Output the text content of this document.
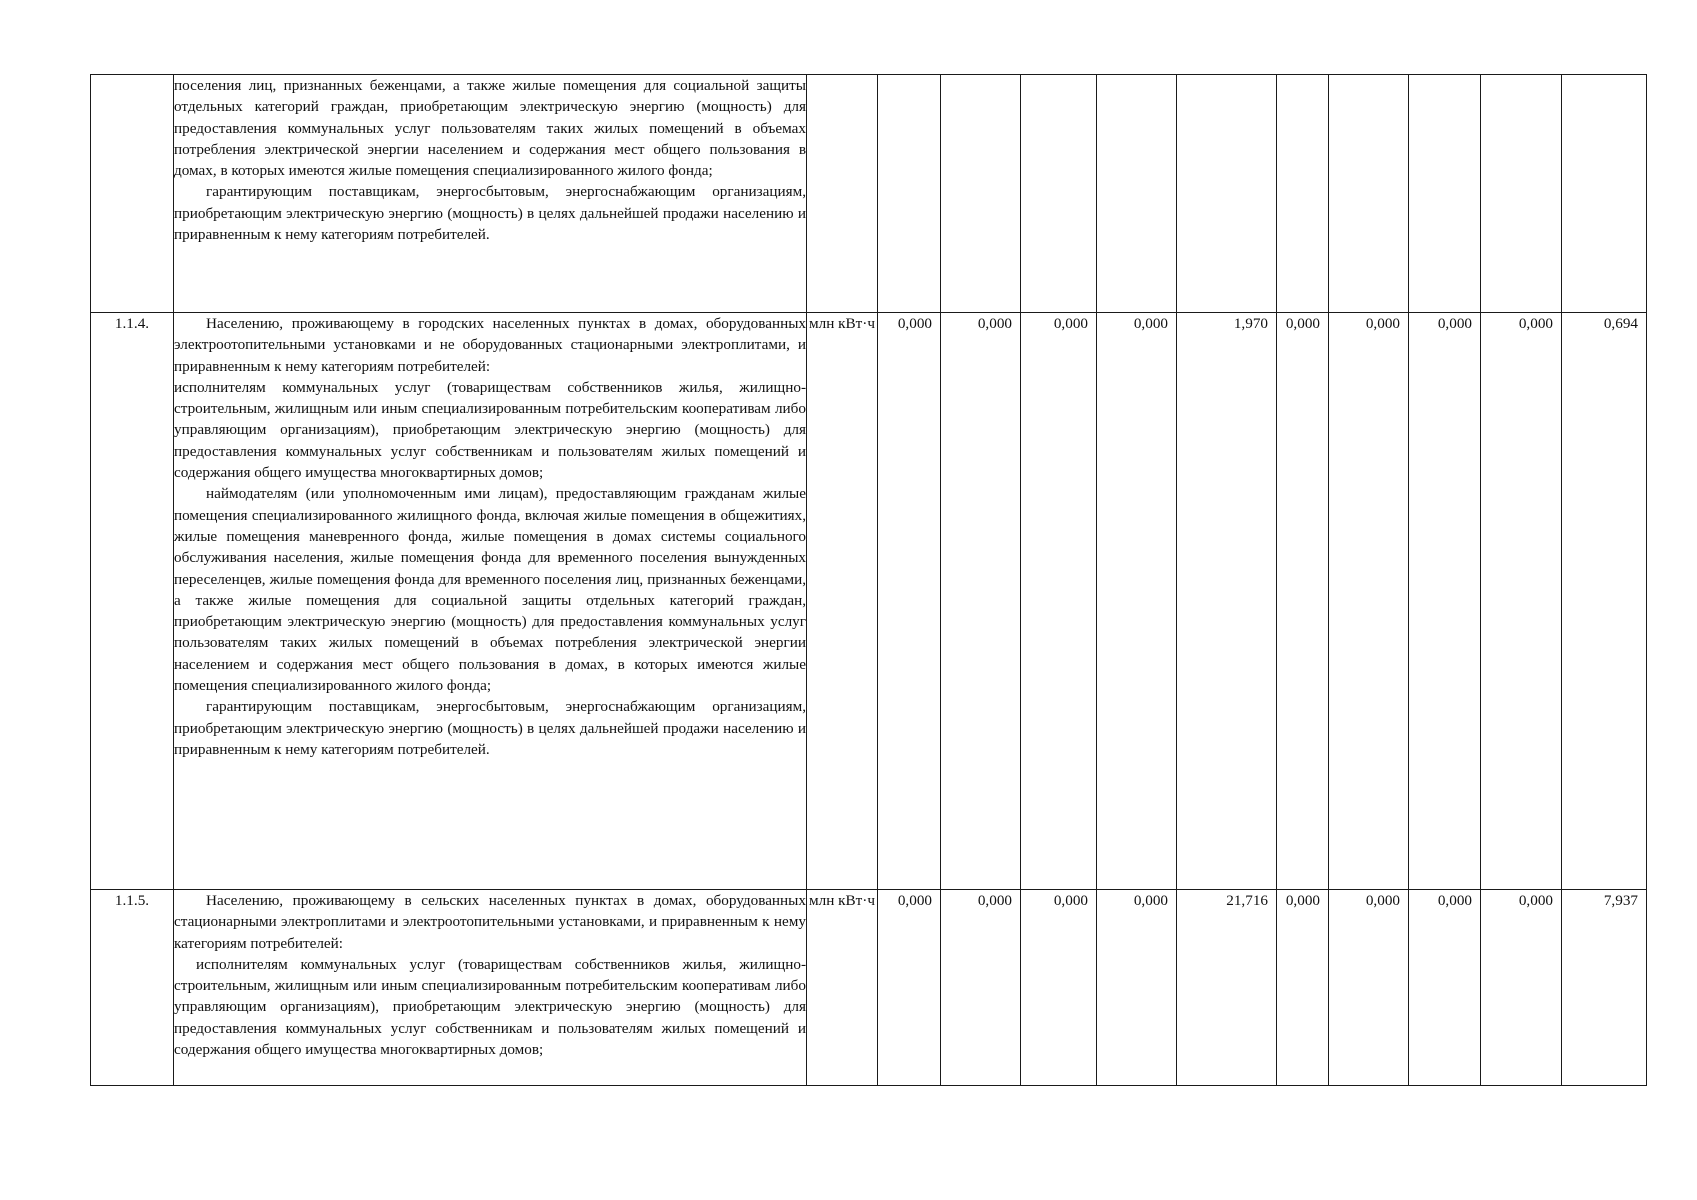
	поселения лиц, признанных беженцами, а также жилые помещения для социальной защиты отдельных категорий граждан, приобретающим электрическую энергию (мощность) для предоставления коммунальных услуг пользователям таких жилых помещений в объемах потребления электрической энергии населением и содержания мест общего пользования в домах, в которых имеются жилые помещения специализированного жилого фонда;

гарантирующим поставщикам, энергосбытовым, энергоснабжающим организациям, приобретающим электрическую энергию (мощность) в целях дальнейшей продажи населению и приравненным к нему категориям потребителей.											

1.1.4.	Населению, проживающему в городских населенных пунктах в домах, оборудованных электроотопительными установками и не оборудованных стационарными электроплитами, и приравненным к нему категориям потребителей:

исполнителям коммунальных услуг (товариществам собственников жилья, жилищно-строительным, жилищным или иным специализированным потребительским кооперативам либо управляющим организациям), приобретающим электрическую энергию (мощность) для предоставления коммунальных услуг собственникам и пользователям жилых помещений и содержания общего имущества многоквартирных домов;

наймодателям (или уполномоченным ими лицам), предоставляющим гражданам жилые помещения специализированного жилищного фонда, включая жилые помещения в общежитиях, жилые помещения маневренного фонда, жилые помещения в домах системы социального обслуживания населения, жилые помещения фонда для временного поселения вынужденных переселенцев, жилые помещения фонда для временного поселения лиц, признанных беженцами, а также жилые помещения для социальной защиты отдельных категорий граждан, приобретающим электрическую энергию (мощность) для предоставления коммунальных услуг пользователям таких жилых помещений в объемах потребления электрической энергии населением и содержания мест общего пользования в домах, в которых имеются жилые помещения специализированного жилого фонда;

гарантирующим поставщикам, энергосбытовым, энергоснабжающим организациям, приобретающим электрическую энергию (мощность) в целях дальнейшей продажи населению и приравненным к нему категориям потребителей.	млн кВт·ч	0,000	0,000	0,000	0,000	1,970	0,000	0,000	0,000	0,000	0,694
1.1.5.	Населению, проживающему в сельских населенных пунктах в домах, оборудованных стационарными электроплитами и электроотопительными установками, и приравненным к нему категориям потребителей:

исполнителям коммунальных услуг (товариществам собственников жилья, жилищно-строительным, жилищным или иным специализированным потребительским кооперативам либо управляющим организациям), приобретающим электрическую энергию (мощность) для предоставления коммунальных услуг собственникам и пользователям жилых помещений и содержания общего имущества многоквартирных домов;	млн кВт·ч	0,000	0,000	0,000	0,000	21,716	0,000	0,000	0,000	0,000	7,937
